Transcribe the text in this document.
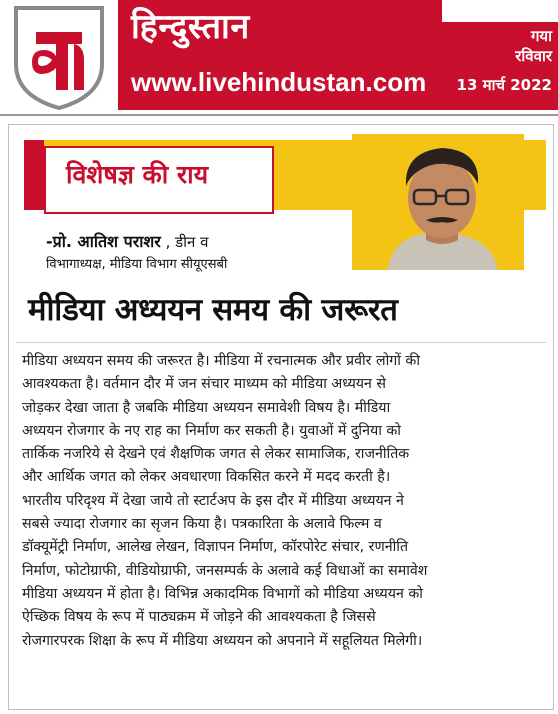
हिन्दुस्तान
www.livehindustan.com
गया
रविवार
13 मार्च 2022
विशेषज्ञ की राय
-प्रो. आतिश पराशर , डीन व
विभागाध्यक्ष, मीडिया विभाग सीयूएसबी
मीडिया अध्ययन समय की जरूरत
मीडिया अध्ययन समय की जरूरत है। मीडिया में रचनात्मक और प्रवीर लोगों की
आवश्यकता है। वर्तमान दौर में जन संचार माध्यम को मीडिया अध्ययन से
जोड़कर देखा जाता है जबकि मीडिया अध्ययन समावेशी विषय है। मीडिया
अध्ययन रोजगार के नए राह का निर्माण कर सकती है। युवाओं में दुनिया को
तार्किक नजरिये से देखने एवं शैक्षणिक जगत से लेकर सामाजिक, राजनीतिक
और आर्थिक जगत को लेकर अवधारणा विकसित करने में मदद करती है।
भारतीय परिदृश्य में देखा जाये तो स्टार्टअप के इस दौर में मीडिया अध्ययन ने
सबसे ज्यादा रोजगार का सृजन किया है। पत्रकारिता के अलावे फिल्म व
डॉक्यूमेंट्री निर्माण, आलेख लेखन, विज्ञापन निर्माण, कॉरपोरेट संचार, रणनीति
निर्माण, फोटोग्राफी, वीडियोग्राफी, जनसम्पर्क के अलावे कई विधाओं का समावेश
मीडिया अध्ययन में होता है। विभिन्न अकादमिक विभागों को मीडिया अध्ययन को
ऐच्छिक विषय के रूप में पाठ्यक्रम में जोड़ने की आवश्यकता है जिससे
रोजगारपरक शिक्षा के रूप में मीडिया अध्ययन को अपनाने में सहूलियत मिलेगी।
